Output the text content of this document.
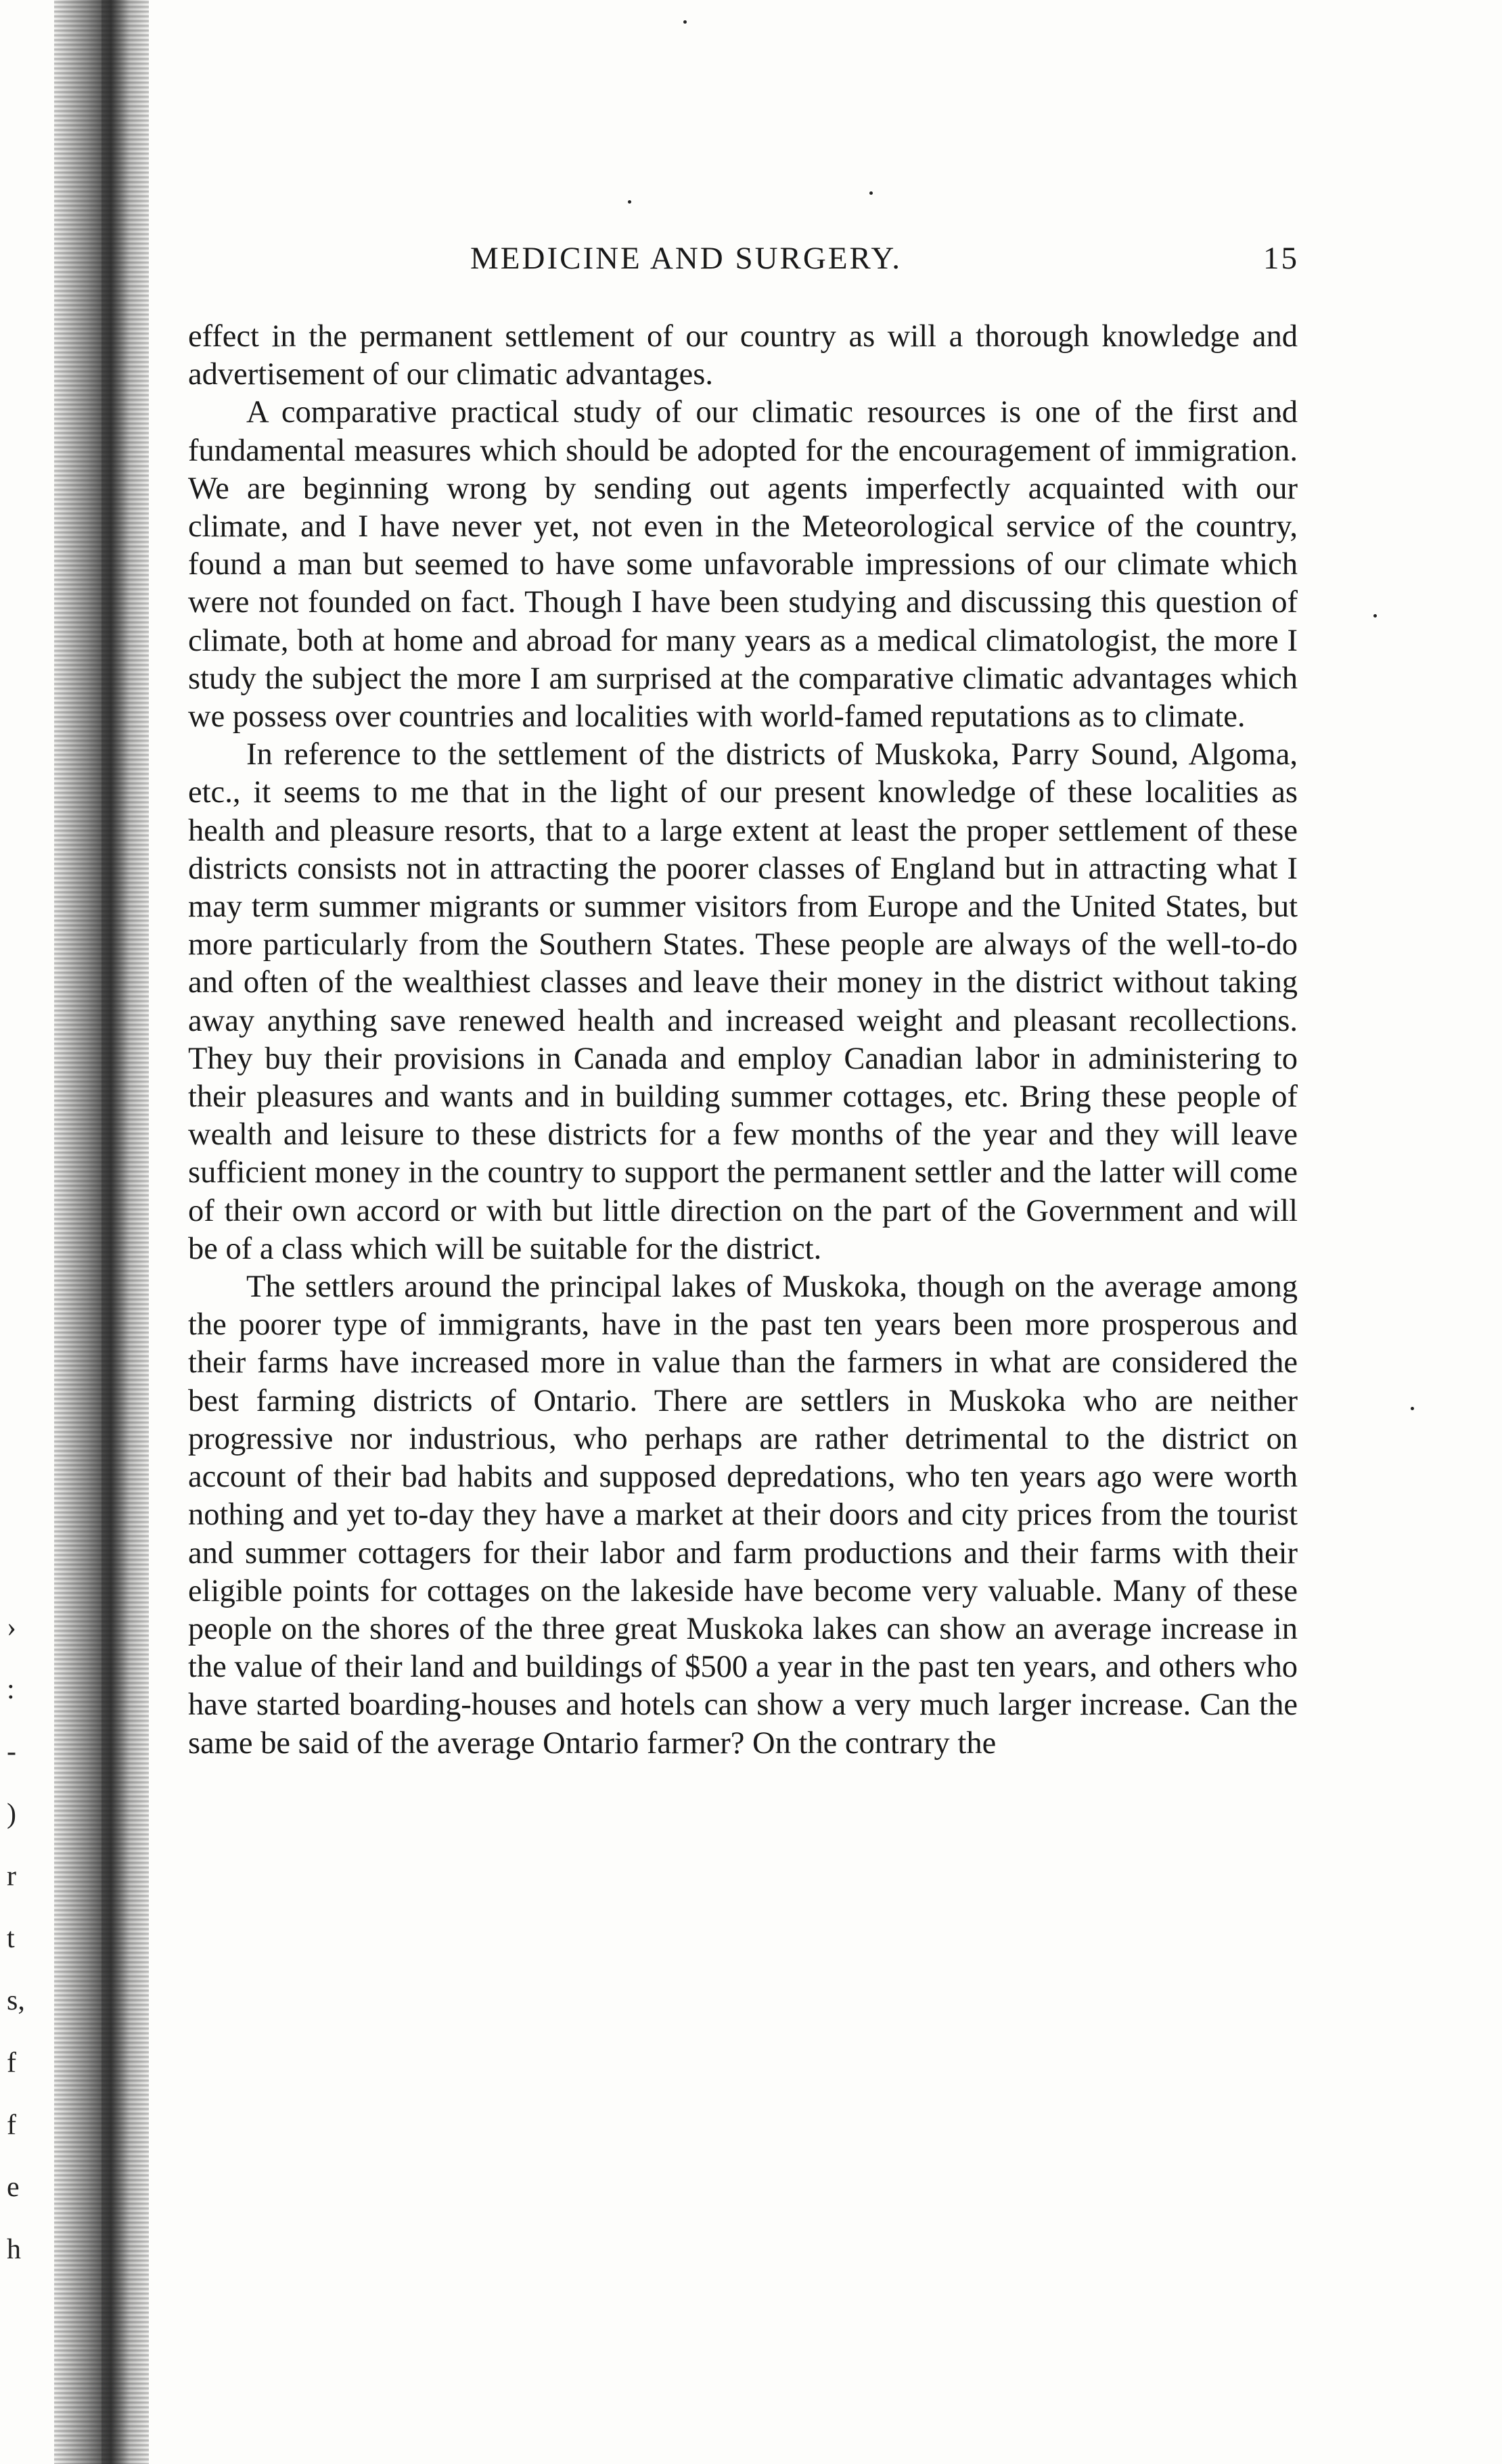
›
:
-
)
r
t
s,
f
f
e
h
MEDICINE AND SURGERY.	15

effect in the permanent settlement of our country as will a thorough knowledge and advertisement of our climatic advantages.

A comparative practical study of our climatic resources is one of the first and fundamental measures which should be adopted for the encouragement of immigration. We are beginning wrong by sending out agents imperfectly acquainted with our climate, and I have never yet, not even in the Meteorological service of the country, found a man but seemed to have some unfavorable impressions of our climate which were not founded on fact. Though I have been studying and discussing this question of climate, both at home and abroad for many years as a medical climatologist, the more I study the subject the more I am surprised at the comparative climatic advantages which we possess over countries and localities with world-famed reputations as to climate.

In reference to the settlement of the districts of Muskoka, Parry Sound, Algoma, etc., it seems to me that in the light of our present knowledge of these localities as health and pleasure resorts, that to a large extent at least the proper settlement of these districts consists not in attracting the poorer classes of England but in attracting what I may term summer migrants or summer visitors from Europe and the United States, but more particularly from the Southern States. These people are always of the well-to-do and often of the wealthiest classes and leave their money in the district without taking away anything save renewed health and increased weight and pleasant recollections. They buy their provisions in Canada and employ Canadian labor in administering to their pleasures and wants and in building summer cottages, etc. Bring these people of wealth and leisure to these districts for a few months of the year and they will leave sufficient money in the country to support the permanent settler and the latter will come of their own accord or with but little direction on the part of the Government and will be of a class which will be suitable for the district.

The settlers around the principal lakes of Muskoka, though on the average among the poorer type of immigrants, have in the past ten years been more prosperous and their farms have increased more in value than the farmers in what are considered the best farming districts of Ontario. There are settlers in Muskoka who are neither progressive nor industrious, who perhaps are rather detrimental to the district on account of their bad habits and supposed depredations, who ten years ago were worth nothing and yet to-day they have a market at their doors and city prices from the tourist and summer cottagers for their labor and farm productions and their farms with their eligible points for cottages on the lakeside have become very valuable. Many of these people on the shores of the three great Muskoka lakes can show an average increase in the value of their land and buildings of $500 a year in the past ten years, and others who have started boarding-houses and hotels can show a very much larger increase. Can the same be said of the average Ontario farmer? On the contrary the
